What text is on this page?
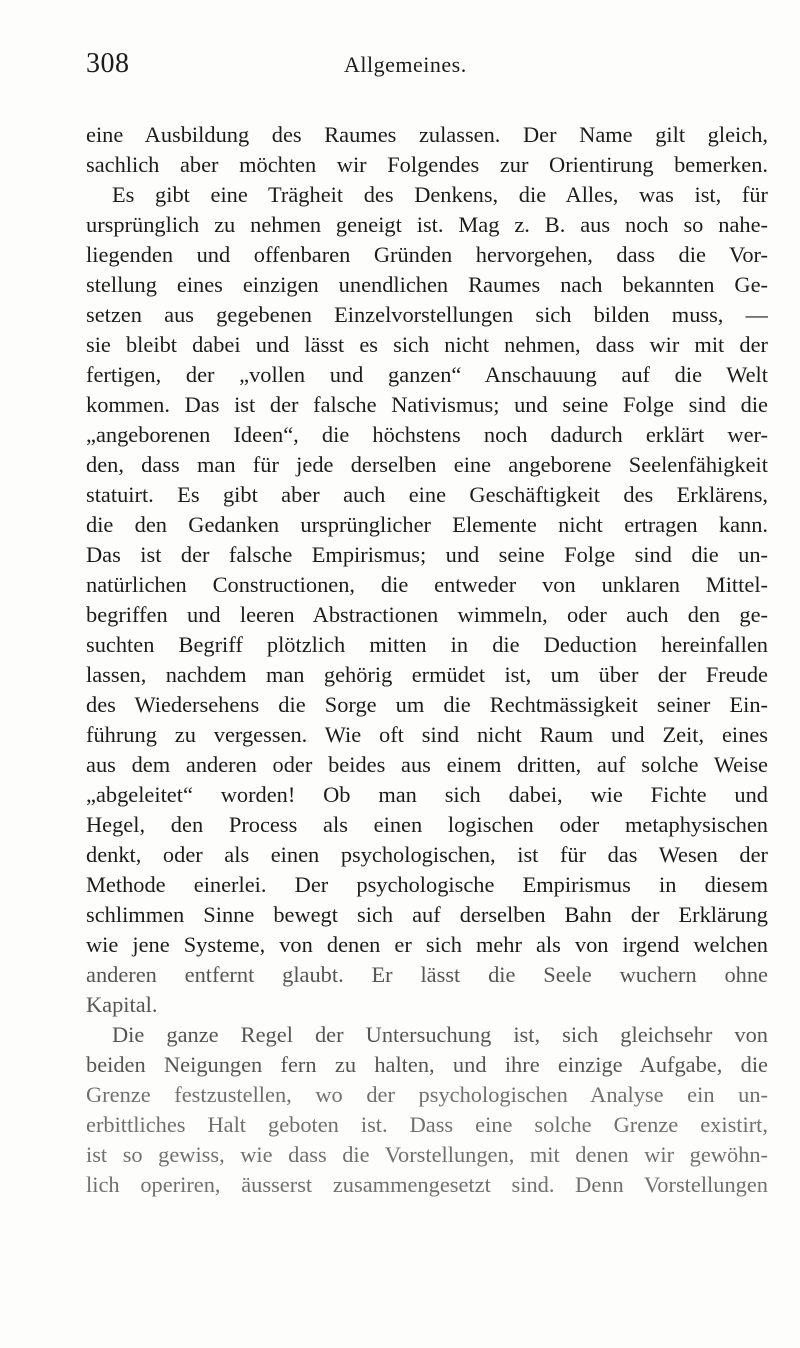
308	Allgemeines.
eine Ausbildung des Raumes zulassen. Der Name gilt gleich,
sachlich aber möchten wir Folgendes zur Orientirung bemerken.
Es gibt eine Trägheit des Denkens, die Alles, was ist, für
ursprünglich zu nehmen geneigt ist. Mag z. B. aus noch so nahe-
liegenden und offenbaren Gründen hervorgehen, dass die Vor-
stellung eines einzigen unendlichen Raumes nach bekannten Ge-
setzen aus gegebenen Einzelvorstellungen sich bilden muss, —
sie bleibt dabei und lässt es sich nicht nehmen, dass wir mit der
fertigen, der „vollen und ganzen“ Anschauung auf die Welt
kommen. Das ist der falsche Nativismus; und seine Folge sind die
„angeborenen Ideen“, die höchstens noch dadurch erklärt wer-
den, dass man für jede derselben eine angeborene Seelenfähigkeit
statuirt. Es gibt aber auch eine Geschäftigkeit des Erklärens,
die den Gedanken ursprünglicher Elemente nicht ertragen kann.
Das ist der falsche Empirismus; und seine Folge sind die un-
natürlichen Constructionen, die entweder von unklaren Mittel-
begriffen und leeren Abstractionen wimmeln, oder auch den ge-
suchten Begriff plötzlich mitten in die Deduction hereinfallen
lassen, nachdem man gehörig ermüdet ist, um über der Freude
des Wiedersehens die Sorge um die Rechtmässigkeit seiner Ein-
führung zu vergessen. Wie oft sind nicht Raum und Zeit, eines
aus dem anderen oder beides aus einem dritten, auf solche Weise
„abgeleitet“ worden! Ob man sich dabei, wie Fichte und
Hegel, den Process als einen logischen oder metaphysischen
denkt, oder als einen psychologischen, ist für das Wesen der
Methode einerlei. Der psychologische Empirismus in diesem
schlimmen Sinne bewegt sich auf derselben Bahn der Erklärung
wie jene Systeme, von denen er sich mehr als von irgend welchen
anderen entfernt glaubt. Er lässt die Seele wuchern ohne
Kapital.
Die ganze Regel der Untersuchung ist, sich gleichsehr von
beiden Neigungen fern zu halten, und ihre einzige Aufgabe, die
Grenze festzustellen, wo der psychologischen Analyse ein un-
erbittliches Halt geboten ist. Dass eine solche Grenze existirt,
ist so gewiss, wie dass die Vorstellungen, mit denen wir gewöhn-
lich operiren, äusserst zusammengesetzt sind. Denn Vorstellungen
